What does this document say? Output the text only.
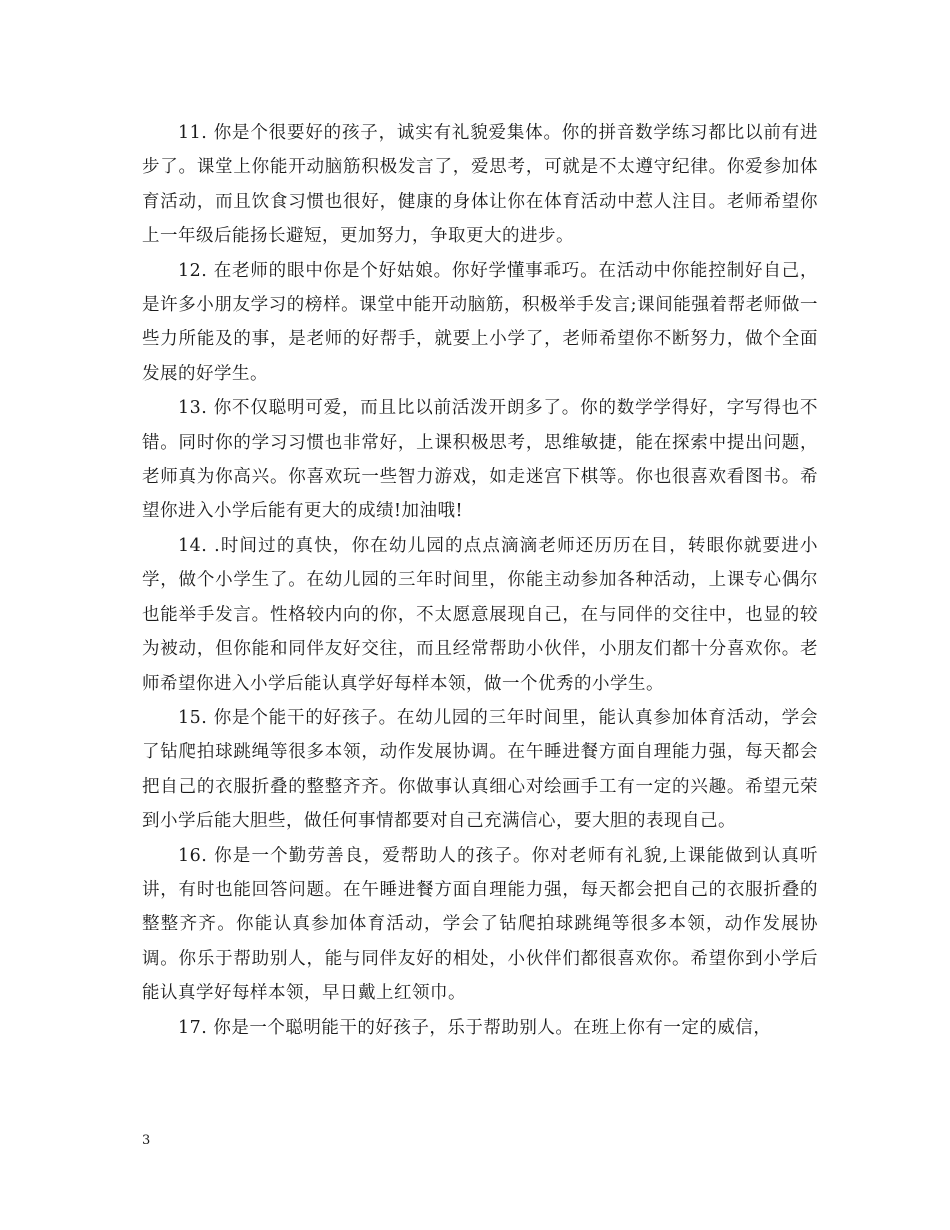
11. 你是个很要好的孩子，诚实有礼貌爱集体。你的拼音数学练习都比以前有进步了。课堂上你能开动脑筋积极发言了，爱思考，可就是不太遵守纪律。你爱参加体育活动，而且饮食习惯也很好，健康的身体让你在体育活动中惹人注目。老师希望你上一年级后能扬长避短，更加努力，争取更大的进步。

12. 在老师的眼中你是个好姑娘。你好学懂事乖巧。在活动中你能控制好自己，是许多小朋友学习的榜样。课堂中能开动脑筋，积极举手发言;课间能强着帮老师做一些力所能及的事，是老师的好帮手，就要上小学了，老师希望你不断努力，做个全面发展的好学生。

13. 你不仅聪明可爱，而且比以前活泼开朗多了。你的数学学得好，字写得也不错。同时你的学习习惯也非常好，上课积极思考，思维敏捷，能在探索中提出问题，老师真为你高兴。你喜欢玩一些智力游戏，如走迷宫下棋等。你也很喜欢看图书。希望你进入小学后能有更大的成绩!加油哦!

14. .时间过的真快，你在幼儿园的点点滴滴老师还历历在目，转眼你就要进小学，做个小学生了。在幼儿园的三年时间里，你能主动参加各种活动，上课专心偶尔也能举手发言。性格较内向的你，不太愿意展现自己，在与同伴的交往中，也显的较为被动，但你能和同伴友好交往，而且经常帮助小伙伴，小朋友们都十分喜欢你。老师希望你进入小学后能认真学好每样本领，做一个优秀的小学生。

15. 你是个能干的好孩子。在幼儿园的三年时间里，能认真参加体育活动，学会了钻爬拍球跳绳等很多本领，动作发展协调。在午睡进餐方面自理能力强，每天都会把自己的衣服折叠的整整齐齐。你做事认真细心对绘画手工有一定的兴趣。希望元荣到小学后能大胆些，做任何事情都要对自己充满信心，要大胆的表现自己。

16. 你是一个勤劳善良，爱帮助人的孩子。你对老师有礼貌,上课能做到认真听讲，有时也能回答问题。在午睡进餐方面自理能力强，每天都会把自己的衣服折叠的整整齐齐。你能认真参加体育活动，学会了钻爬拍球跳绳等很多本领，动作发展协调。你乐于帮助别人，能与同伴友好的相处，小伙伴们都很喜欢你。希望你到小学后能认真学好每样本领，早日戴上红领巾。

17. 你是一个聪明能干的好孩子，乐于帮助别人。在班上你有一定的威信，

3
